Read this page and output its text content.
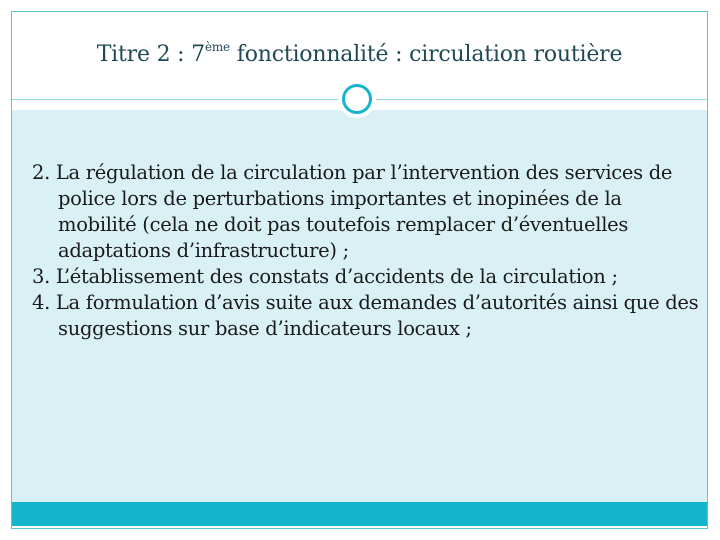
Titre 2 : 7ème fonctionnalité : circulation routière

2. La régulation de la circulation par l’intervention des services de police lors de perturbations importantes et inopinées de la mobilité (cela ne doit pas toutefois remplacer d’éventuelles adaptations d’infrastructure) ;

3. L’établissement des constats d’accidents de la circulation ;

4. La formulation d’avis suite aux demandes d’autorités ainsi que des suggestions sur base d’indicateurs locaux ;
